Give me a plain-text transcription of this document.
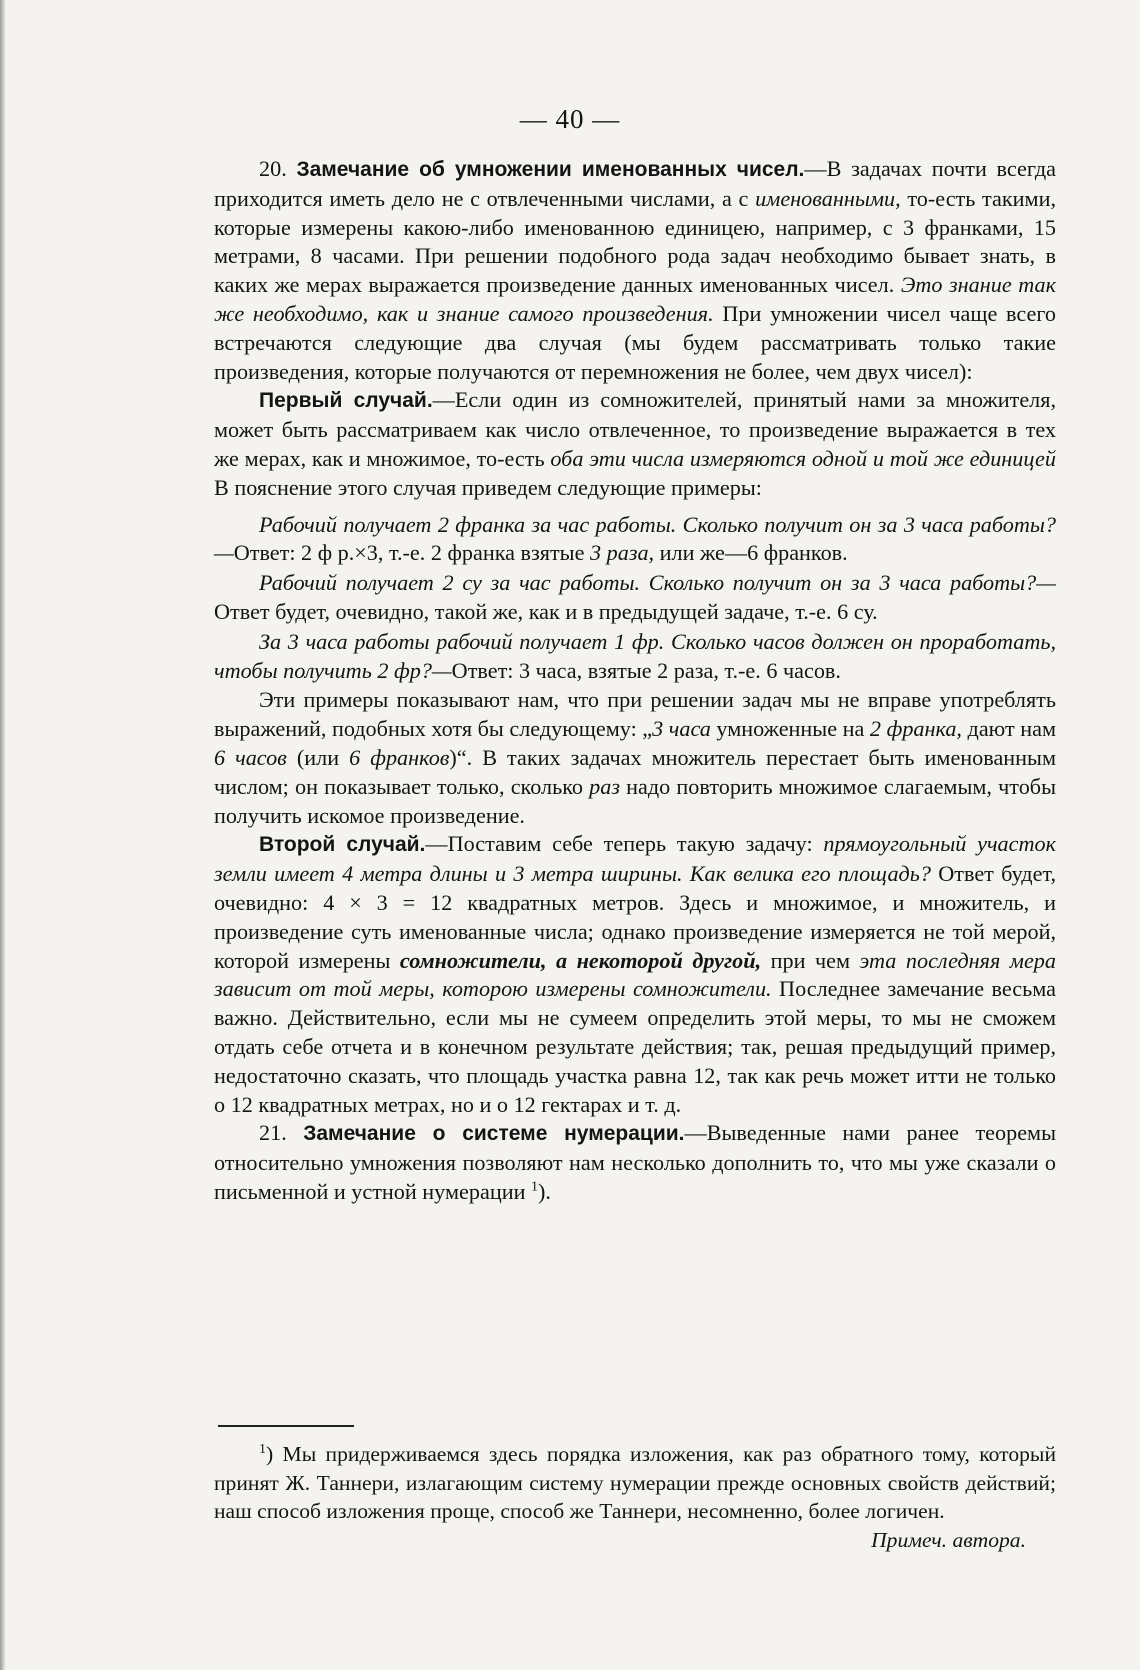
— 40 —

20. Замечание об умножении именованных чисел.—В задачах почти всегда приходится иметь дело не с отвлеченными числами, а с именованными, то-есть такими, которые измерены какою-либо именованною единицею, например, с 3 франками, 15 метрами, 8 часами. При решении подобного рода задач необходимо бывает знать, в каких же мерах выражается произведение данных именованных чисел. Это знание так же необходимо, как и знание самого произведения. При умножении чисел чаще всего встречаются следующие два случая (мы будем рассматривать только такие произведения, которые получаются от перемножения не более, чем двух чисел):

Первый случай.—Если один из сомножителей, принятый нами за множителя, может быть рассматриваем как число отвлеченное, то произведение выражается в тех же мерах, как и множимое, то-есть оба эти числа измеряются одной и той же единицей В пояснение этого случая приведем следующие примеры:

Рабочий получает 2 франка за час работы. Сколько получит он за 3 часа работы?—Ответ: 2 ф р.×3, т.-е. 2 франка взятые 3 раза, или же—6 франков.

Рабочий получает 2 су за час работы. Сколько получит он за 3 часа работы?—Ответ будет, очевидно, такой же, как и в предыдущей задаче, т.-е. 6 су.

За 3 часа работы рабочий получает 1 фр. Сколько часов должен он проработать, чтобы получить 2 фр?—Ответ: 3 часа, взятые 2 раза, т.-е. 6 часов.

Эти примеры показывают нам, что при решении задач мы не вправе употреблять выражений, подобных хотя бы следующему: „3 часа умноженные на 2 франка, дают нам 6 часов (или 6 франков)“. В таких задачах множитель перестает быть именованным числом; он показывает только, сколько раз надо повторить множимое слагаемым, чтобы получить искомое произведение.

Второй случай.—Поставим себе теперь такую задачу: прямоугольный участок земли имеет 4 метра длины и 3 метра ширины. Как велика его площадь? Ответ будет, очевидно: 4 × 3 = 12 квадратных метров. Здесь и множимое, и множитель, и произведение суть именованные числа; однако произведение измеряется не той мерой, которой измерены сомножители, а некоторой другой, при чем эта последняя мера зависит от той меры, которою измерены сомножители. Последнее замечание весьма важно. Действительно, если мы не сумеем определить этой меры, то мы не сможем отдать себе отчета и в конечном результате действия; так, решая предыдущий пример, недостаточно сказать, что площадь участка равна 12, так как речь может итти не только о 12 квадратных метрах, но и о 12 гектарах и т. д.

21. Замечание о системе нумерации.—Выведенные нами ранее теоремы относительно умножения позволяют нам несколько дополнить то, что мы уже сказали о письменной и устной нумерации $^1$).

$^1$) Мы придерживаемся здесь порядка изложения, как раз обратного тому, который принят Ж. Таннери, излагающим систему нумерации прежде основных свойств действий; наш способ изложения проще, способ же Таннери, несомненно, более логичен.
Примеч. автора.
